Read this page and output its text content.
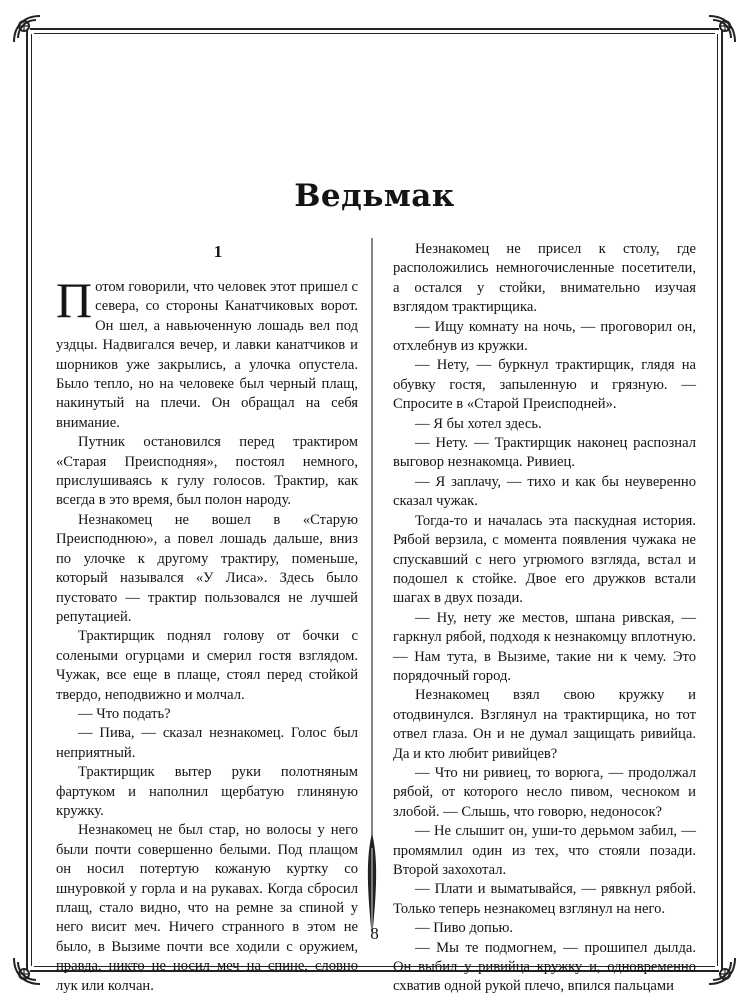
Ведьмак

1

Потом говорили, что человек этот пришел с севера, со стороны Канатчиковых ворот. Он шел, а навьюченную лошадь вел под уздцы. Надвигался вечер, и лавки канатчиков и шорников уже закрылись, а улочка опустела. Было тепло, но на человеке был черный плащ, накинутый на плечи. Он обращал на себя внимание.

Путник остановился перед трактиром «Старая Преисподняя», постоял немного, прислушиваясь к гулу голосов. Трактир, как всегда в это время, был полон народу.

Незнакомец не вошел в «Старую Преисподнюю», а повел лошадь дальше, вниз по улочке к другому трактиру, поменьше, который назывался «У Лиса». Здесь было пустовато — трактир пользовался не лучшей репутацией.

Трактирщик поднял голову от бочки с солеными огурцами и смерил гостя взглядом. Чужак, все еще в плаще, стоял перед стойкой твердо, неподвижно и молчал.

— Что подать?

— Пива, — сказал незнакомец. Голос был неприятный.

Трактирщик вытер руки полотняным фартуком и наполнил щербатую глиняную кружку.

Незнакомец не был стар, но волосы у него были почти совершенно белыми. Под плащом он носил потертую кожаную куртку со шнуровкой у горла и на рукавах. Когда сбросил плащ, стало видно, что на ремне за спиной у него висит меч. Ничего странного в этом не было, в Вызиме почти все ходили с оружием, правда, никто не носил меч на спине, словно лук или колчан.

Незнакомец не присел к столу, где расположились немногочисленные посетители, а остался у стойки, внимательно изучая взглядом трактирщика.

— Ищу комнату на ночь, — проговорил он, отхлебнув из кружки.

— Нету, — буркнул трактирщик, глядя на обувку гостя, запыленную и грязную. — Спросите в «Старой Преисподней».

— Я бы хотел здесь.

— Нету. — Трактирщик наконец распознал выговор незнакомца. Ривиец.

— Я заплачу, — тихо и как бы неуверенно сказал чужак.

Тогда-то и началась эта паскудная история. Рябой верзила, с момента появления чужака не спускавший с него угрюмого взгляда, встал и подошел к стойке. Двое его дружков встали шагах в двух позади.

— Ну, нету же местов, шпана ривская, — гаркнул рябой, подходя к незнакомцу вплотную. — Нам тута, в Вызиме, такие ни к чему. Это порядочный город.

Незнакомец взял свою кружку и отодвинулся. Взглянул на трактирщика, но тот отвел глаза. Он и не думал защищать ривийца. Да и кто любит ривийцев?

— Что ни ривиец, то ворюга, — продолжал рябой, от которого несло пивом, чесноком и злобой. — Слышь, что говорю, недоносок?

— Не слышит он, уши-то дерьмом забил, — промямлил один из тех, что стояли позади. Второй захохотал.

— Плати и выматывайся, — рявкнул рябой. Только теперь незнакомец взглянул на него.

— Пиво допью.

— Мы те подмогнем, — прошипел дылда. Он выбил у ривийца кружку и, одновременно схватив одной рукой плечо, впился пальцами

8
